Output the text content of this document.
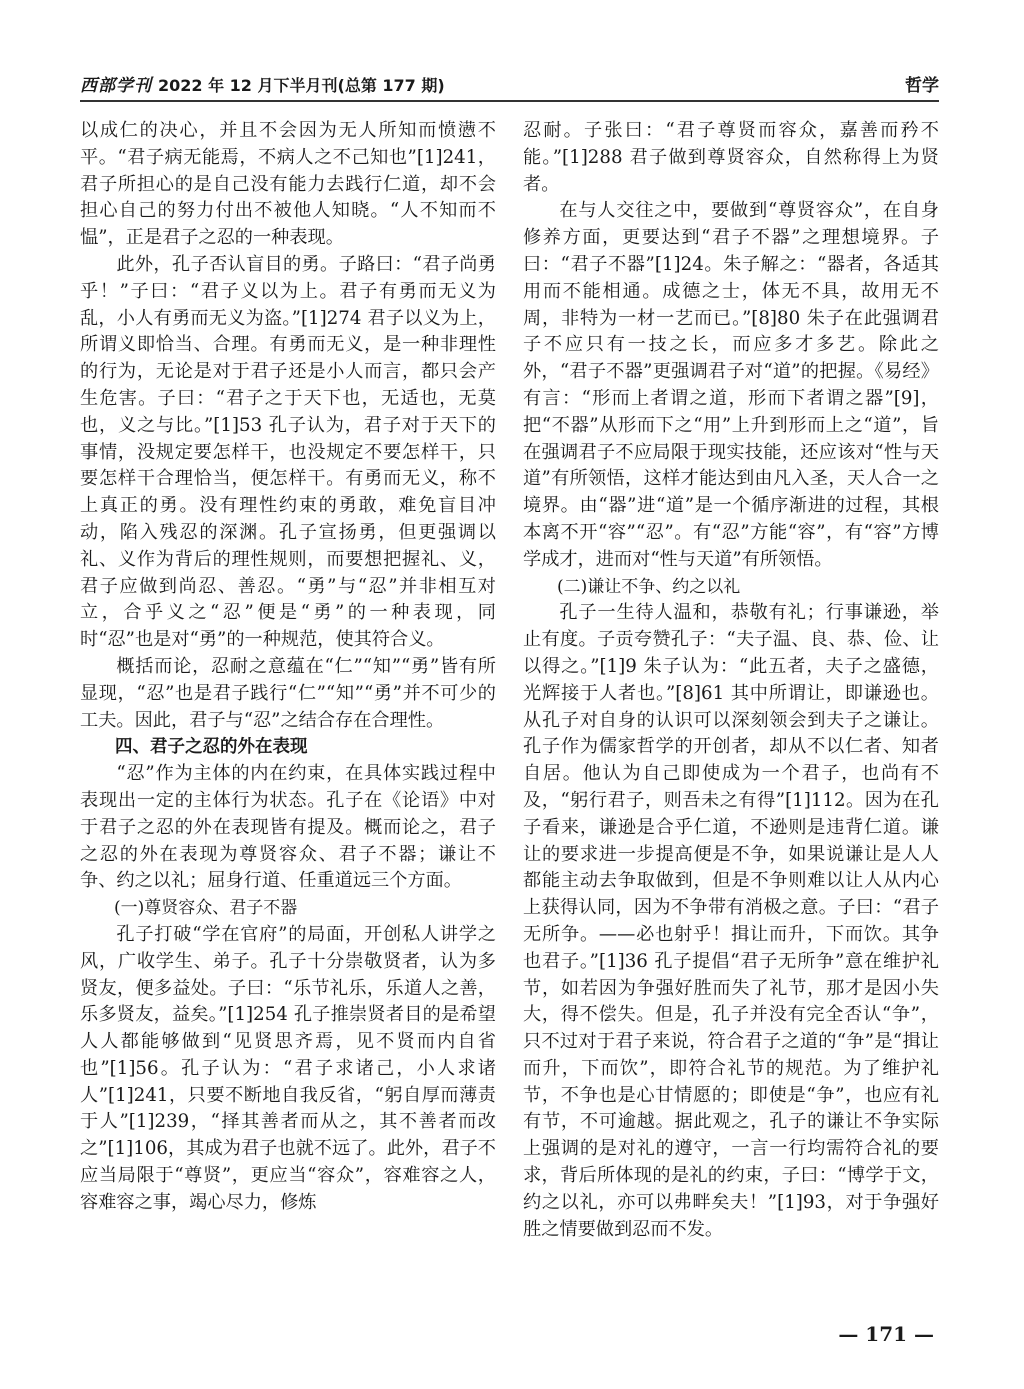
西部学刊 2022 年 12 月下半月刊(总第 177 期)	哲学

以成仁的决心，并且不会因为无人所知而愤懑不平。“君子病无能焉，不病人之不己知也”[1]241，君子所担心的是自己没有能力去践行仁道，却不会担心自己的努力付出不被他人知晓。“人不知而不愠”，正是君子之忍的一种表现。

此外，孔子否认盲目的勇。子路曰：“君子尚勇乎！”子曰：“君子义以为上。君子有勇而无义为乱，小人有勇而无义为盗。”[1]274 君子以义为上，所谓义即恰当、合理。有勇而无义，是一种非理性的行为，无论是对于君子还是小人而言，都只会产生危害。子曰：“君子之于天下也，无适也，无莫也，义之与比。”[1]53 孔子认为，君子对于天下的事情，没规定要怎样干，也没规定不要怎样干，只要怎样干合理恰当，便怎样干。有勇而无义，称不上真正的勇。没有理性约束的勇敢，难免盲目冲动，陷入残忍的深渊。孔子宣扬勇，但更强调以礼、义作为背后的理性规则，而要想把握礼、义，君子应做到尚忍、善忍。“勇”与“忍”并非相互对立，合乎义之“忍”便是“勇”的一种表现，同时“忍”也是对“勇”的一种规范，使其符合义。

概括而论，忍耐之意蕴在“仁”“知”“勇”皆有所显现，“忍”也是君子践行“仁”“知”“勇”并不可少的工夫。因此，君子与“忍”之结合存在合理性。

四、君子之忍的外在表现

“忍”作为主体的内在约束，在具体实践过程中表现出一定的主体行为状态。孔子在《论语》中对于君子之忍的外在表现皆有提及。概而论之，君子之忍的外在表现为尊贤容众、君子不器；谦让不争、约之以礼；屈身行道、任重道远三个方面。

(一)尊贤容众、君子不器

孔子打破“学在官府”的局面，开创私人讲学之风，广收学生、弟子。孔子十分崇敬贤者，认为多贤友，便多益处。子曰：“乐节礼乐，乐道人之善，乐多贤友，益矣。”[1]254 孔子推崇贤者目的是希望人人都能够做到“见贤思齐焉，见不贤而内自省也”[1]56。孔子认为：“君子求诸己，小人求诸人”[1]241，只要不断地自我反省，“躬自厚而薄责于人”[1]239，“择其善者而从之，其不善者而改之”[1]106，其成为君子也就不远了。此外，君子不应当局限于“尊贤”，更应当“容众”，容难容之人，容难容之事，竭心尽力，修炼

忍耐。子张曰：“君子尊贤而容众，嘉善而矜不能。”[1]288 君子做到尊贤容众，自然称得上为贤者。

在与人交往之中，要做到“尊贤容众”，在自身修养方面，更要达到“君子不器”之理想境界。子曰：“君子不器”[1]24。朱子解之：“器者，各适其用而不能相通。成德之士，体无不具，故用无不周，非特为一材一艺而已。”[8]80 朱子在此强调君子不应只有一技之长，而应多才多艺。除此之外，“君子不器”更强调君子对“道”的把握。《易经》有言：“形而上者谓之道，形而下者谓之器”[9]，把“不器”从形而下之“用”上升到形而上之“道”，旨在强调君子不应局限于现实技能，还应该对“性与天道”有所领悟，这样才能达到由凡入圣，天人合一之境界。由“器”进“道”是一个循序渐进的过程，其根本离不开“容”“忍”。有“忍”方能“容”，有“容”方博学成才，进而对“性与天道”有所领悟。

(二)谦让不争、约之以礼

孔子一生待人温和，恭敬有礼；行事谦逊，举止有度。子贡夸赞孔子：“夫子温、良、恭、俭、让以得之。”[1]9 朱子认为：“此五者，夫子之盛德，光辉接于人者也。”[8]61 其中所谓让，即谦逊也。从孔子对自身的认识可以深刻领会到夫子之谦让。孔子作为儒家哲学的开创者，却从不以仁者、知者自居。他认为自己即使成为一个君子，也尚有不及，“躬行君子，则吾未之有得”[1]112。因为在孔子看来，谦逊是合乎仁道，不逊则是违背仁道。谦让的要求进一步提高便是不争，如果说谦让是人人都能主动去争取做到，但是不争则难以让人从内心上获得认同，因为不争带有消极之意。子曰：“君子无所争。——必也射乎！揖让而升，下而饮。其争也君子。”[1]36 孔子提倡“君子无所争”意在维护礼节，如若因为争强好胜而失了礼节，那才是因小失大，得不偿失。但是，孔子并没有完全否认“争”，只不过对于君子来说，符合君子之道的“争”是“揖让而升，下而饮”，即符合礼节的规范。为了维护礼节，不争也是心甘情愿的；即使是“争”，也应有礼有节，不可逾越。据此观之，孔子的谦让不争实际上强调的是对礼的遵守，一言一行均需符合礼的要求，背后所体现的是礼的约束，子曰：“博学于文，约之以礼，亦可以弗畔矣夫！”[1]93，对于争强好胜之情要做到忍而不发。

— 171 —
